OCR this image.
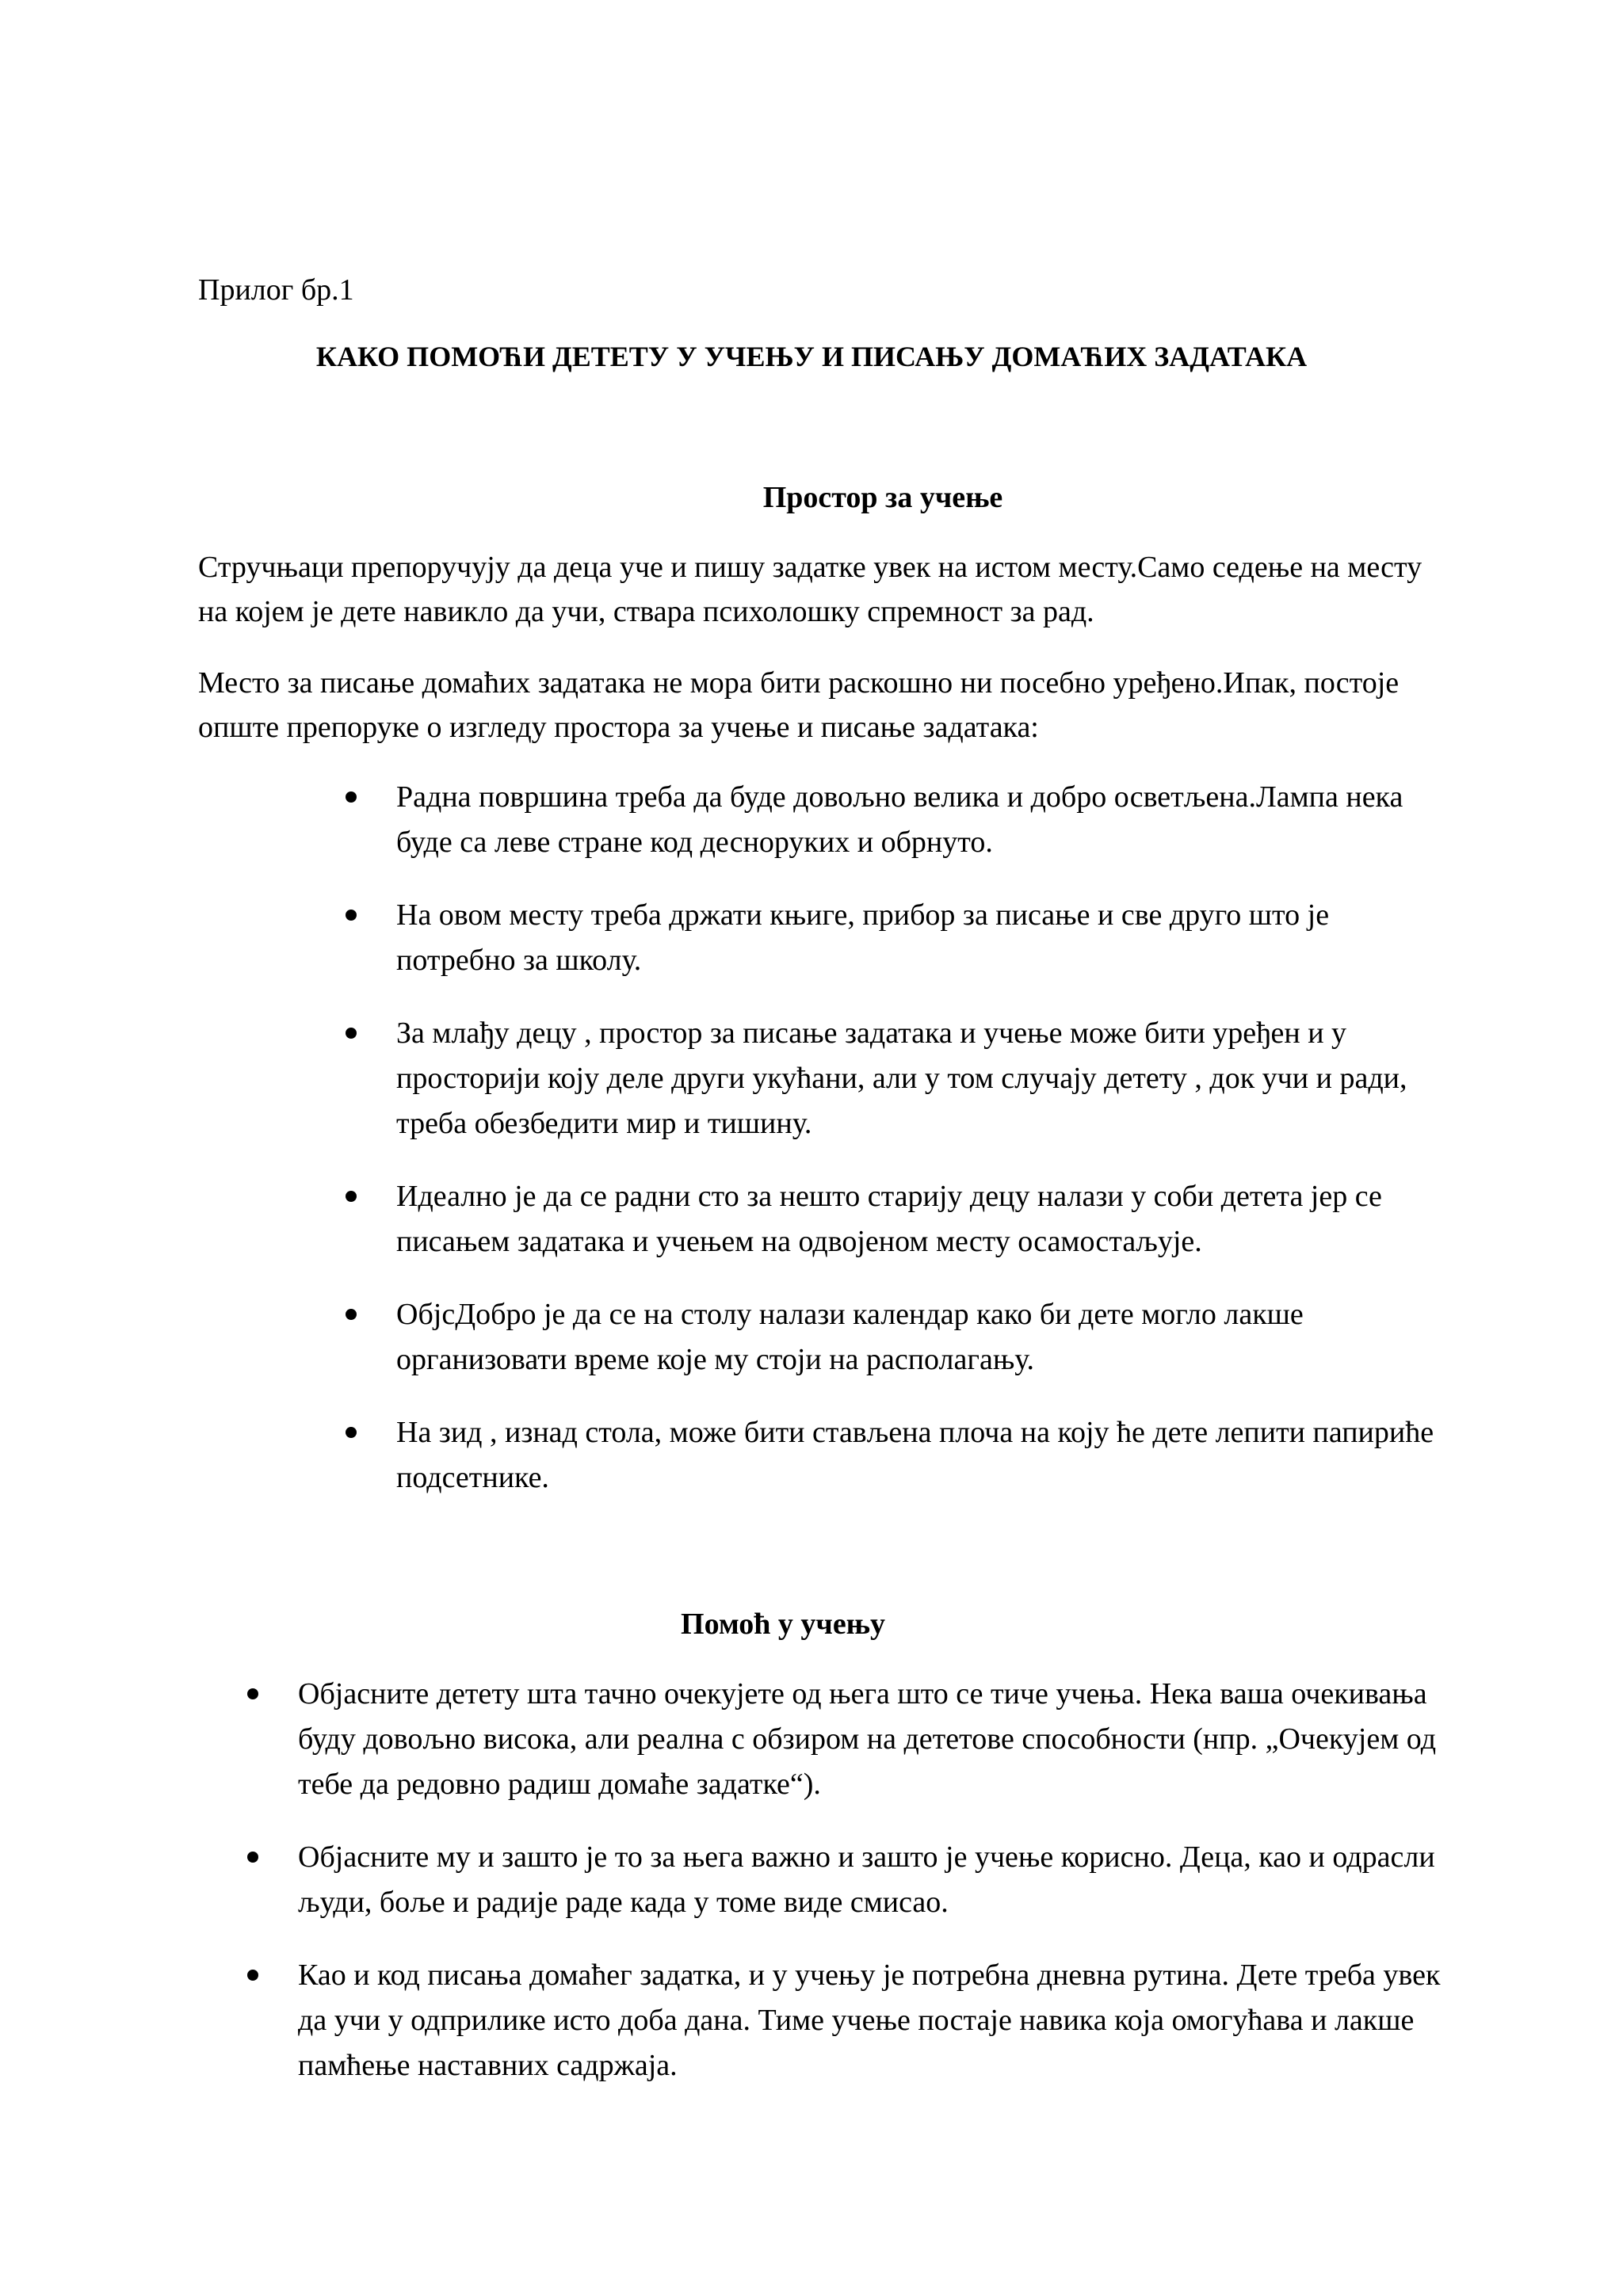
Прилог бр.1

КАКО ПОМОЋИ ДЕТЕТУ У УЧЕЊУ И ПИСАЊУ ДОМАЋИХ ЗАДАТАКА
Простор за учење

Стручњаци препоручују да деца уче и пишу задатке увек на истом месту.Само седење на месту на којем је дете навикло да учи, ствара психолошку спремност за рад.

Место за писање домаћих задатака не мора бити раскошно ни посебно уређено.Ипак, постоје опште препоруке о изгледу простора за учење и писање задатака:

Радна површина треба да буде довољно велика и добро осветљена.Лампа нека буде са леве стране код десноруких и обрнуто.
На овом месту треба држати књиге, прибор за писање и све друго што је потребно за школу.
За млађу децу , простор за писање задатака и учење може бити уређен и у просторији коју деле други укућани, али у том случају детету , док учи и ради, треба обезбедити мир и тишину.
Идеално је да се радни сто за нешто старију децу налази у соби детета јер се писањем задатака и учењем на одвојеном месту осамостаљује.
ОбјсДобро је да се на столу налази календар како би дете могло лакше организовати време које му стоји на располагању.
На зид , изнад стола, може бити стављена плоча на коју ће дете лепити папириће подсетнике.
Помоћ у учењу
Објасните детету шта тачно очекујете од њега што се тиче учења. Нека ваша очекивања буду довољно висока, али реална с обзиром на дететове способности (нпр. „Очекујем од тебе да редовно радиш домаће задатке“).
Објасните му и зашто је то за њега важно и зашто је учење корисно. Деца, као и одрасли људи, боље и радије раде када у томе виде смисао.
Као и код писања домаћег задатка, и у учењу је потребна дневна рутина. Дете треба увек да учи у одприлике исто доба дана. Тиме учење постаје навика која омогућава и лакше памћење наставних садржаја.
